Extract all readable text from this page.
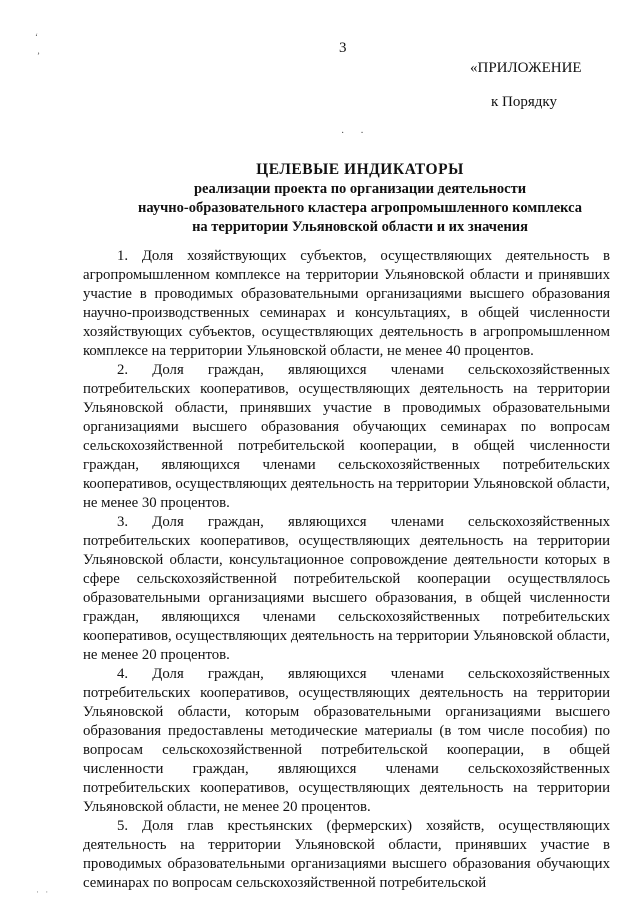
‘
’	3
«ПРИЛОЖЕНИЕ
к Порядку
··

ЦЕЛЕВЫЕ ИНДИКАТОРЫ

реализации проекта по организации деятельности

научно-образовательного кластера агропромышленного комплекса

на территории Ульяновской области и их значения

1. Доля хозяйствующих субъектов, осуществляющих деятельность в агропромышленном комплексе на территории Ульяновской области и принявших участие в проводимых образовательными организациями высшего образования научно-производственных семинарах и консультациях, в общей численности хозяйствующих субъектов, осуществляющих деятельность в агропромышленном комплексе на территории Ульяновской области, не менее 40 процентов.

2. Доля граждан, являющихся членами сельскохозяйственных потребительских кооперативов, осуществляющих деятельность на территории Ульяновской области, принявших участие в проводимых образовательными организациями высшего образования обучающих семинарах по вопросам сельскохозяйственной потребительской кооперации, в общей численности граждан, являющихся членами сельскохозяйственных потребительских кооперативов, осуществляющих деятельность на территории Ульяновской области, не менее 30 процентов.

3. Доля граждан, являющихся членами сельскохозяйственных потребительских кооперативов, осуществляющих деятельность на территории Ульяновской области, консультационное сопровождение деятельности которых в сфере сельскохозяйственной потребительской кооперации осуществлялось образовательными организациями высшего образования, в общей численности граждан, являющихся членами сельскохозяйственных потребительских кооперативов, осуществляющих деятельность на территории Ульяновской области, не менее 20 процентов.

4. Доля граждан, являющихся членами сельскохозяйственных потребительских кооперативов, осуществляющих деятельность на территории Ульяновской области, которым образовательными организациями высшего образования предоставлены методические материалы (в том числе пособия) по вопросам сельскохозяйственной потребительской кооперации, в общей численности граждан, являющихся членами сельскохозяйственных потребительских кооперативов, осуществляющих деятельность на территории Ульяновской области, не менее 20 процентов.

5. Доля глав крестьянских (фермерских) хозяйств, осуществляющих деятельность на территории Ульяновской области, принявших участие в проводимых образовательными организациями высшего образования обучающих семинарах по вопросам сельскохозяйственной потребительской

· ·
